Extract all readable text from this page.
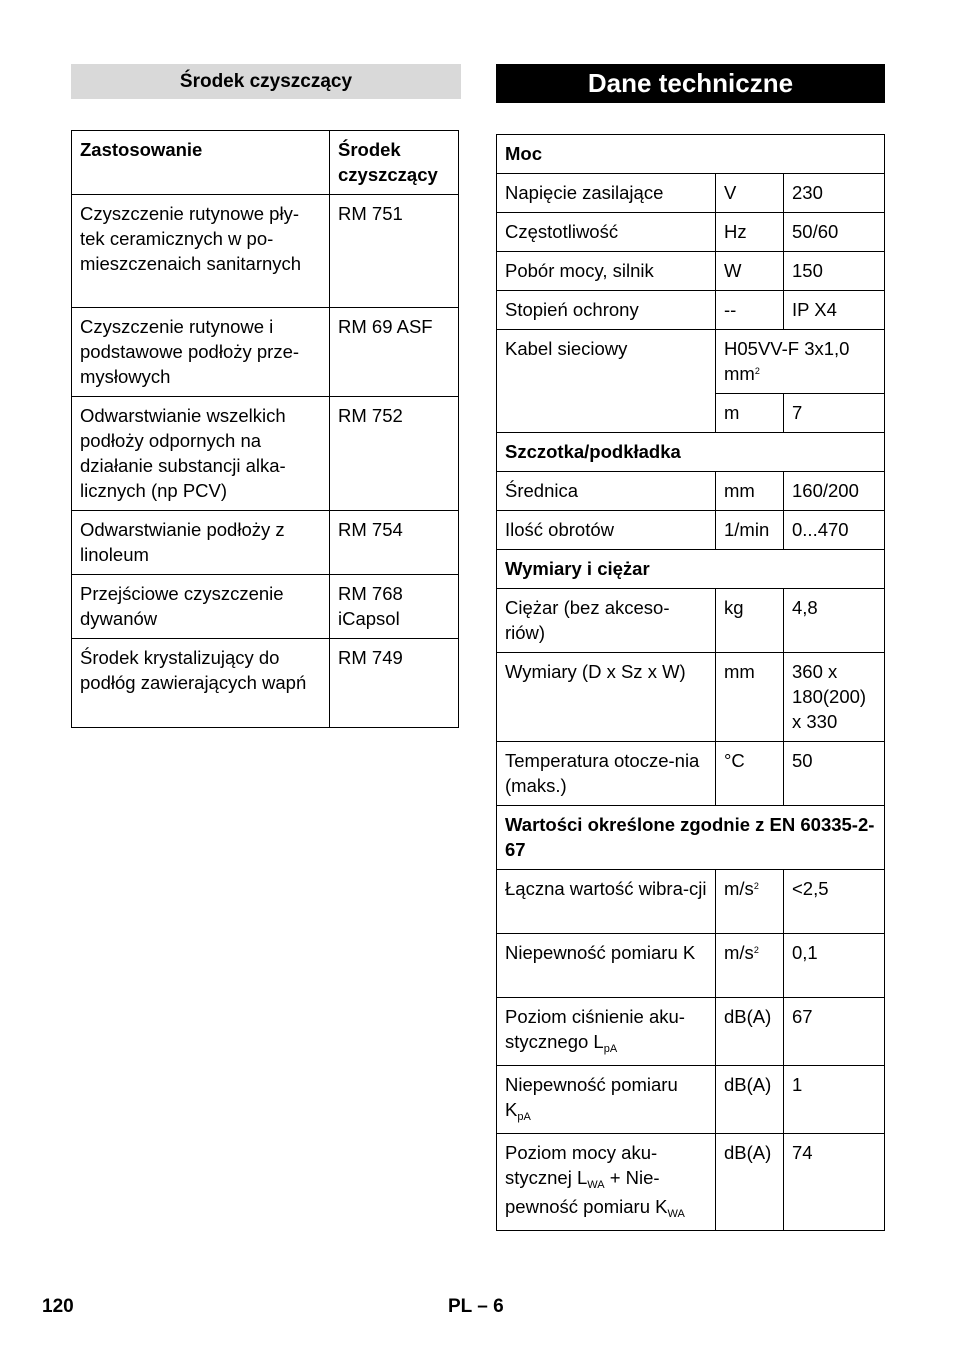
Środek czyszczący	Dane techniczne
Zastosowanie	Środek czyszczący
Czyszczenie rutynowe pły-tek ceramicznych w po-mieszczenaich sanitarnych	RM 751
Czyszczenie rutynowe i podstawowe podłoży prze-mysłowych	RM 69 ASF
Odwarstwianie wszelkich podłoży odpornych na działanie substancji alka-licznych (np PCV)	RM 752
Odwarstwianie podłoży z linoleum	RM 754
Przejściowe czyszczenie dywanów	RM 768 iCapsol
Środek krystalizujący do podłóg zawierających wapń	RM 749
Moc		
Napięcie zasilające	V	230
Częstotliwość	Hz	50/60
Pobór mocy, silnik	W	150
Stopień ochrony	--	IP X4
Kabel sieciowy	H05VV-F 3x1,0 $mm^2$
	m	7
Szczotka/podkładka		
Średnica	mm	160/200
Ilość obrotów	1/min	0...470
Wymiary i ciężar		
Ciężar (bez akceso-riów)	kg	4,8
Wymiary (D x Sz x W)	mm	360 x 180(200) x 330
Temperatura otocze-nia (maks.)	°C	50
Wartości określone zgodnie z EN 60335-2-67		
Łączna wartość wibra-cji	$m/s^2$	<2,5
Niepewność pomiaru K	$m/s^2$	0,1
Poziom ciśnienie aku-stycznego $L_{pA}$	dB(A)	67
Niepewność pomiaru $K_{pA}$	dB(A)	1
Poziom mocy aku-stycznej $L_{WA}$ + Nie-pewność pomiaru $K_{WA}$	dB(A)	74
120	PL – 6
